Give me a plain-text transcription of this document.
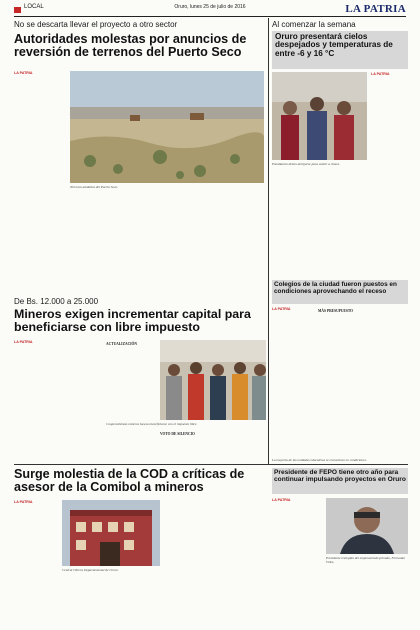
LOCAL	Oruro, lunes 25 de julio de 2016	LA PATRIA
No se descarta llevar el proyecto a otro sector
Autoridades molestas por anuncios de reversión de terrenos del Puerto Seco

LA PATRIA

Terrenos aledaños del Puerto Seco.
Al comenzar la semana
Oruro presentará cielos despejados y temperaturas de entre -6 y 16 °C

LA PATRIA

Estudiantes deben abrigarse para asistir a clases.
Colegios de la ciudad fueron puestos en condiciones aprovechando el receso

LA PATRIA	MÁS PRESUPUESTO

La mayoría de las unidades educativas se encuentran en condiciones.
De Bs. 12.000 a 25.000
Mineros exigen incrementar capital para beneficiarse con libre impuesto

LA PATRIA	ACTUALIZACIÓN

Cooperativistas mineros buscan beneficiarse con el impuesto libre.

VOTO DE SILENCIO

Surge molestia de la COD a críticas de asesor de la Comibol a mineros

LA PATRIA

Central Obrera Departamental de Oruro.
Presidente de FEPO tiene otro año para continuar impulsando proyectos en Oruro

LA PATRIA

Presidente reelegido del empresariado privado, Fernando Vélez.
